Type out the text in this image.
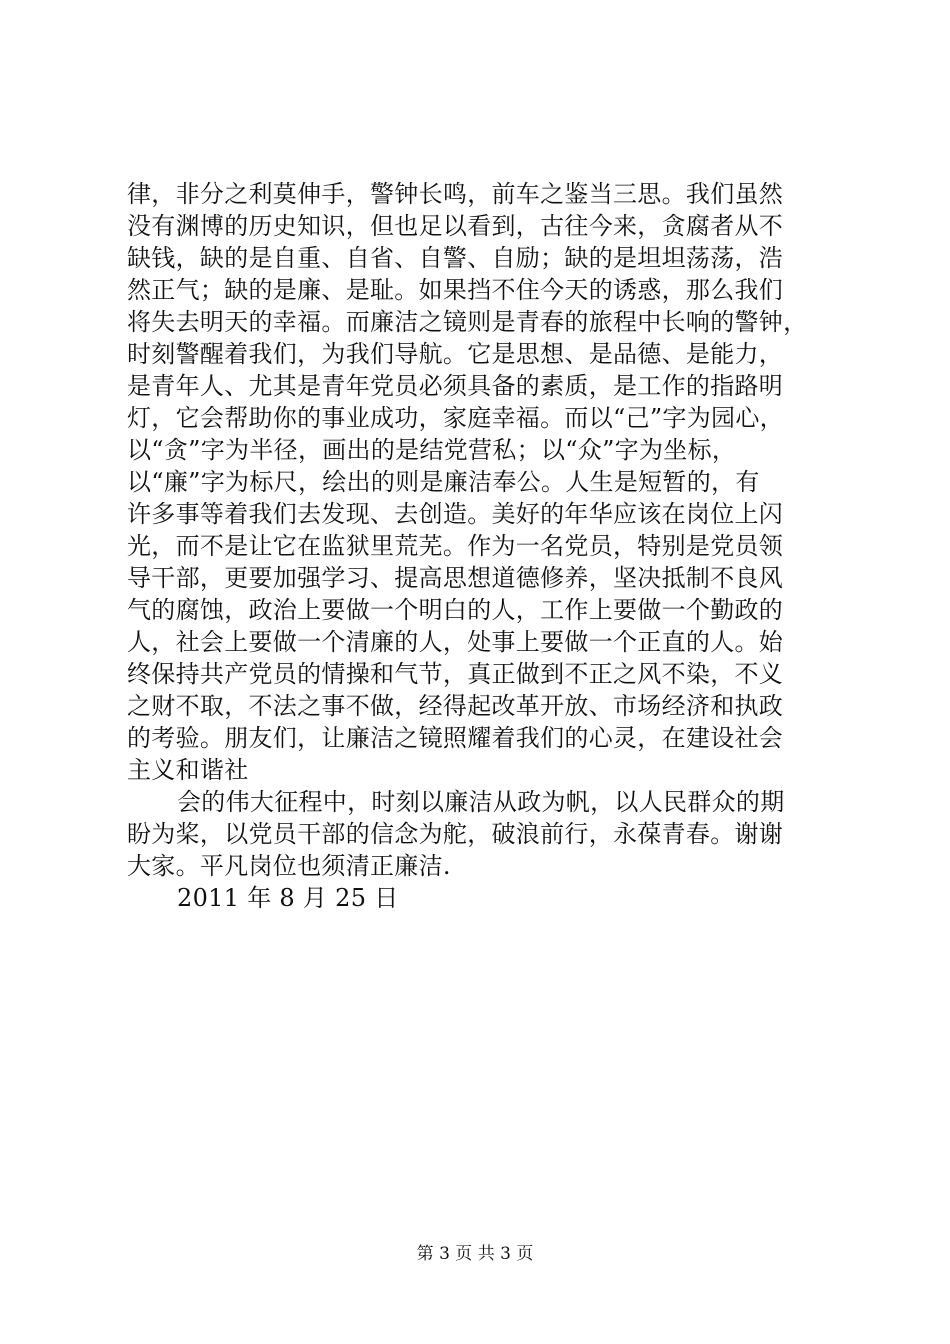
律，非分之利莫伸手，警钟长鸣，前车之鉴当三思。我们虽然
没有渊博的历史知识，但也足以看到，古往今来，贪腐者从不
缺钱，缺的是自重、自省、自警、自励；缺的是坦坦荡荡，浩
然正气；缺的是廉、是耻。如果挡不住今天的诱惑，那么我们
将失去明天的幸福。而廉洁之镜则是青春的旅程中长响的警钟，
时刻警醒着我们，为我们导航。它是思想、是品德、是能力，
是青年人、尤其是青年党员必须具备的素质，是工作的指路明
灯，它会帮助你的事业成功，家庭幸福。而以“己”字为园心，
以“贪”字为半径，画出的是结党营私；以“众”字为坐标，
以“廉”字为标尺，绘出的则是廉洁奉公。人生是短暂的，有
许多事等着我们去发现、去创造。美好的年华应该在岗位上闪
光，而不是让它在监狱里荒芜。作为一名党员，特别是党员领
导干部，更要加强学习、提高思想道德修养，坚决抵制不良风
气的腐蚀，政治上要做一个明白的人，工作上要做一个勤政的
人，社会上要做一个清廉的人，处事上要做一个正直的人。始
终保持共产党员的情操和气节，真正做到不正之风不染，不义
之财不取，不法之事不做，经得起改革开放、市场经济和执政
的考验。朋友们，让廉洁之镜照耀着我们的心灵，在建设社会
主义和谐社
会的伟大征程中，时刻以廉洁从政为帆，以人民群众的期
盼为桨，以党员干部的信念为舵，破浪前行，永葆青春。谢谢
大家。平凡岗位也须清正廉洁.
2011 年 8 月 25 日
第 3 页 共 3 页
